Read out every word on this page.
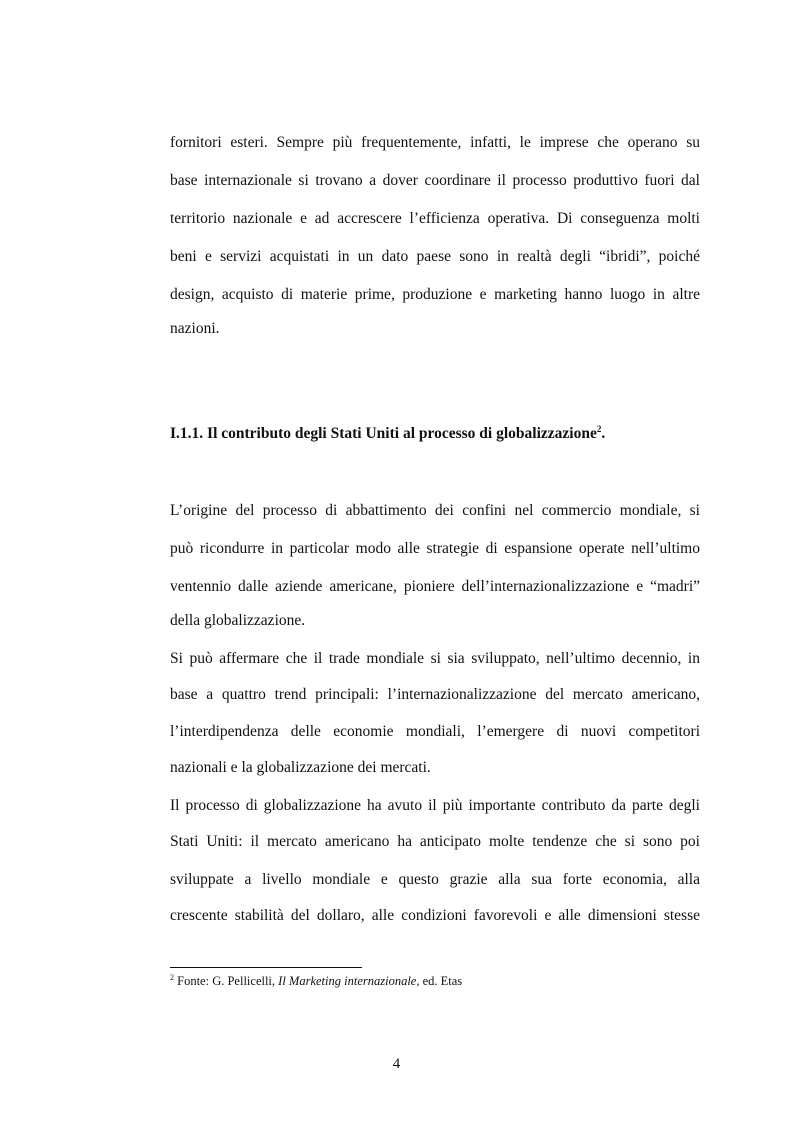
fornitori esteri. Sempre più frequentemente, infatti, le imprese che operano su
base internazionale si trovano a dover coordinare il processo produttivo fuori dal
territorio nazionale e ad accrescere l’efficienza operativa. Di conseguenza molti
beni e servizi acquistati in un dato paese sono in realtà degli “ibridi”, poiché
design, acquisto di materie prime, produzione e marketing hanno luogo in altre
nazioni.
I.1.1. Il contributo degli Stati Uniti al processo di globalizzazione$^2$.
L’origine del processo di abbattimento dei confini nel commercio mondiale, si
può ricondurre in particolar modo alle strategie di espansione operate nell’ultimo
ventennio dalle aziende americane, pioniere dell’internazionalizzazione e “madri”
della globalizzazione.
Si può affermare che il trade mondiale si sia sviluppato, nell’ultimo decennio, in
base a quattro trend principali: l’internazionalizzazione del mercato americano,
l’interdipendenza delle economie mondiali, l’emergere di nuovi competitori
nazionali e la globalizzazione dei mercati.
Il processo di globalizzazione ha avuto il più importante contributo da parte degli
Stati Uniti: il mercato americano ha anticipato molte tendenze che si sono poi
sviluppate a livello mondiale e questo grazie alla sua forte economia, alla
crescente stabilità del dollaro, alle condizioni favorevoli e alle dimensioni stesse
$^2$ Fonte: G. Pellicelli, Il Marketing internazionale, ed. Etas
4
